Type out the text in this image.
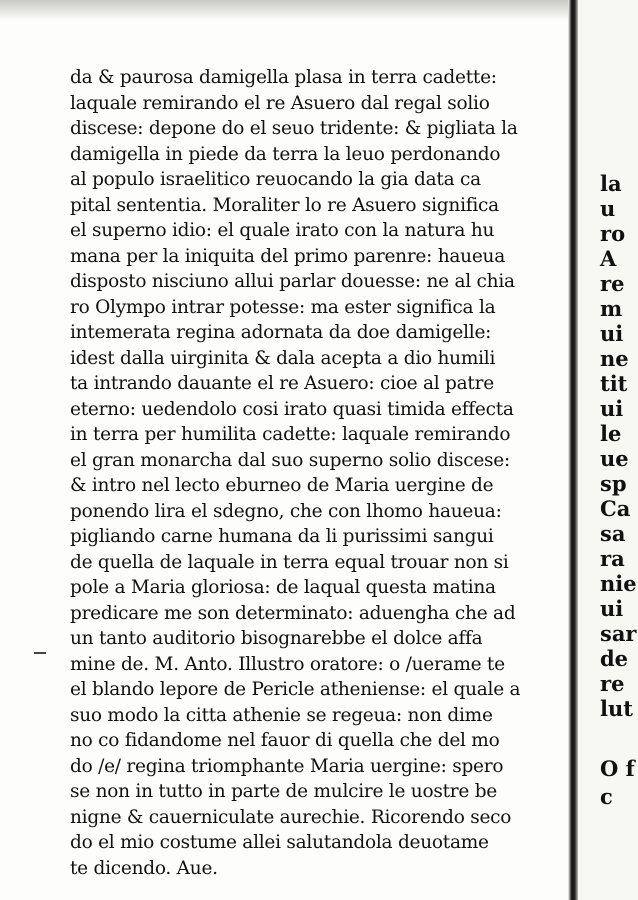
da & paurosa damigella plasa in terra cadette:
laquale remirando el re Asuero dal regal solio
discese: depone do el seuo tridente: & pigliata la
damigella in piede da terra la leuo perdonando
al populo israelitico reuocando la gia data ca
pital sententia. Moraliter lo re Asuero significa
el superno idio: el quale irato con la natura hu
mana per la iniquita del primo parenre: haueua
disposto nisciuno allui parlar douesse: ne al chia
ro Olympo intrar potesse: ma ester significa la
intemerata regina adornata da doe damigelle:
idest dalla uirginita & dala acepta a dio humili
ta intrando dauante el re Asuero: cioe al patre
eterno: uedendolo cosi irato quasi timida effecta
in terra per humilita cadette: laquale remirando
el gran monarcha dal suo superno solio discese:
& intro nel lecto eburneo de Maria uergine de
ponendo lira el sdegno, che con lhomo haueua:
pigliando carne humana da li purissimi sangui
de quella de laquale in terra equal trouar non si
pole a Maria gloriosa: de laqual questa matina
predicare me son determinato: aduengha che ad
un tanto auditorio bisognarebbe el dolce affa
mine de. M. Anto. Illustro oratore: o /uerame te
el blando lepore de Pericle atheniense: el quale a
suo modo la citta athenie se regeua: non dime
no co fidandome nel fauor di quella che del mo
do /e/ regina triomphante Maria uergine: spero
se non in tutto in parte de mulcire le uostre be
nigne & cauerniculate aurechie. Ricorendo seco
do el mio costume allei salutandola deuotame
te dicendo. Aue.
la
u
ro
A
re
m
ui
ne
tit
ui
le
ue
sp
Ca
sa
ra
nie
ui
sar
de
re
lut
O f
c
